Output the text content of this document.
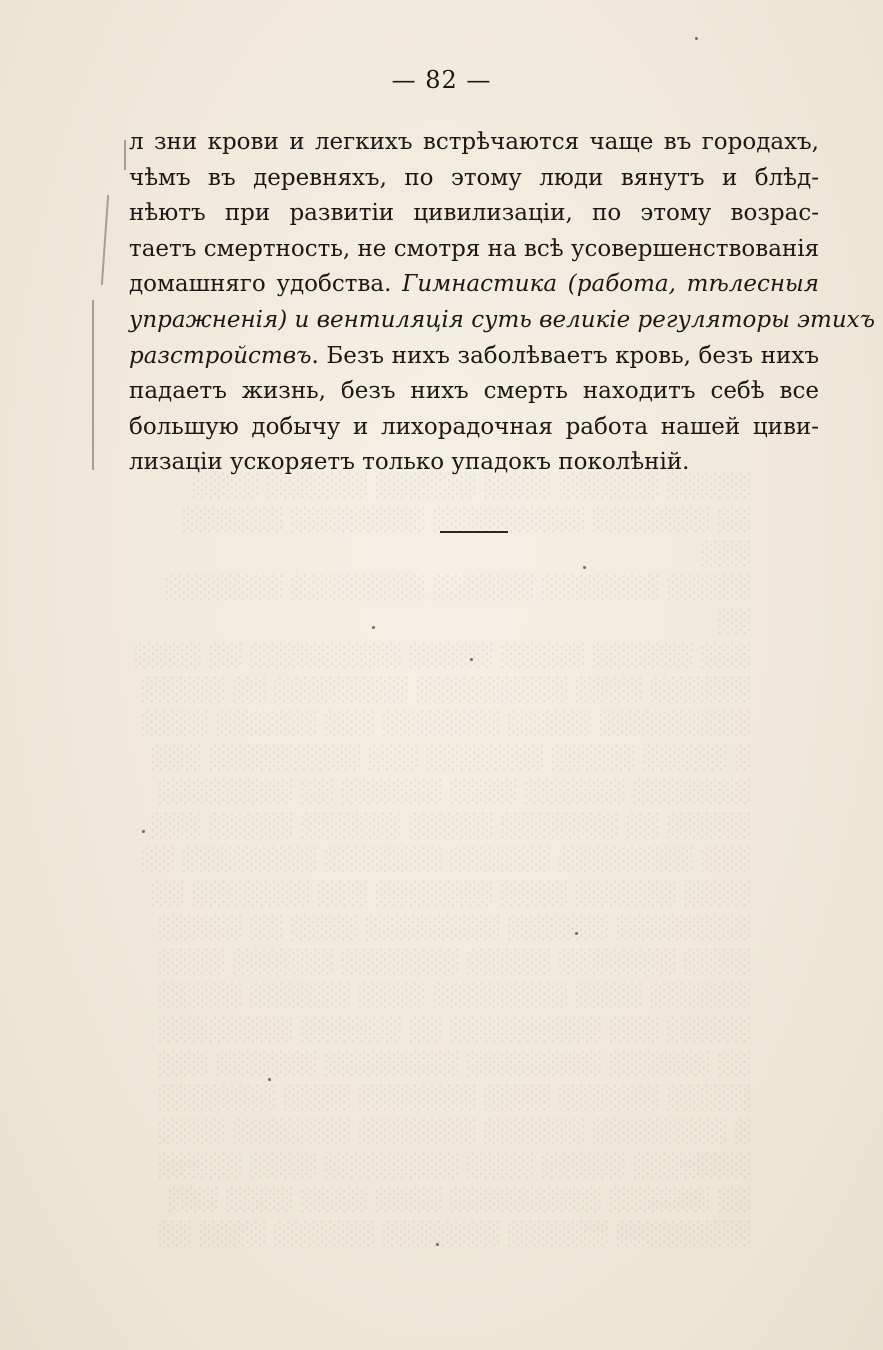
░░░░░ ░░░░░░ ░░░░ ░░░░░░ ░░░░░░ ░░░░
░░ ░░░░░░░ ░░░░░░░░░ ░░░░░░░░ ░░░░░░ ░░░
░░░░░ ░░░░░░░ ░░░░░░ ░░░░░░░░ ░░░░░░░ ░░
░░░ ░░░░░░ ░░░░░ ░░░░░ ░░░░░░░░░ ░░ ░░░░
░░░░░░ ░░░░ ░░░░░░░░░ ░░░░░░░░ ░░ ░░░░░
░░░░░░░░░ ░░░░░ ░░░░░░░ ░░░ ░░░░░░ ░░░░
░ ░░░░░ ░░░░░ ░░░░░░░ ░░░ ░░░░░░░░░ ░░░
░░░░░░░ ░░░░░░ ░░░░ ░░░░░░ ░░ ░░░░░░░░
░░░░░ ░░ ░░░░░░░ ░░░░░ ░░░░░░ ░░░░░ ░░░
░░░ ░░░░░░░░ ░░░░░░ ░░░░░░░ ░░░░░░░░ ░░
░░░░ ░░░░░░ ░░░░ ░░░░░░░ ░░░ ░░░░░░░ ░░
░░░░░░░░ ░░░░░░ ░░░░░░░░ ░░░░ ░░ ░░░░░
░░░░ ░░░░░░░ ░░░░░ ░░░░░░░ ░░░░░░ ░░░░
░░░░░░ ░░░░ ░░░░░░░░ ░░░░ ░░░░░░ ░░░░░
░░░░░ ░░░ ░░░░░░░░░ ░░ ░░░░░░ ░░░░░░░░
░░ ░░░░░░ ░░░░░░░░ ░░░░░░░░ ░░░░░░ ░░░
░░░░░ ░░░░░░ ░░░░ ░░░░░░░ ░░░░ ░░░░░░░
░ ░░░░░░░░ ░░░░░░ ░░░░░░░ ░░░░░░░ ░░░░
░░░░░░░ ░░░░░ ░░░░ ░░░░░░░░ ░░░░ ░░░░░
░░ ░░░░░░ ░░░░░░░░░ ░░░░ ░░░░ ░░░░ ░░░
░░░░░░░░ ░░░░░░ ░░░░░░░ ░░░░░░ ░░░░ ░░

— 82 —
л зни крови и легкихъ встрѣчаются чаще въ городахъ,
чѣмъ въ деревняхъ, по этому люди вянутъ и блѣд-
нѣютъ при развитіи цивилизаціи, по этому возрас-
таетъ смертность, не смотря на всѣ усовершенствованія
домашняго удобства. Гимнастика (работа, тѣлесныя
упражненія) и вентиляція суть великіе регуляторы этихъ
разстройствъ. Безъ нихъ заболѣваетъ кровь, безъ нихъ
падаетъ жизнь, безъ нихъ смерть находитъ себѣ все
большую добычу и лихорадочная работа нашей циви-
лизаціи ускоряетъ только упадокъ поколѣній.
